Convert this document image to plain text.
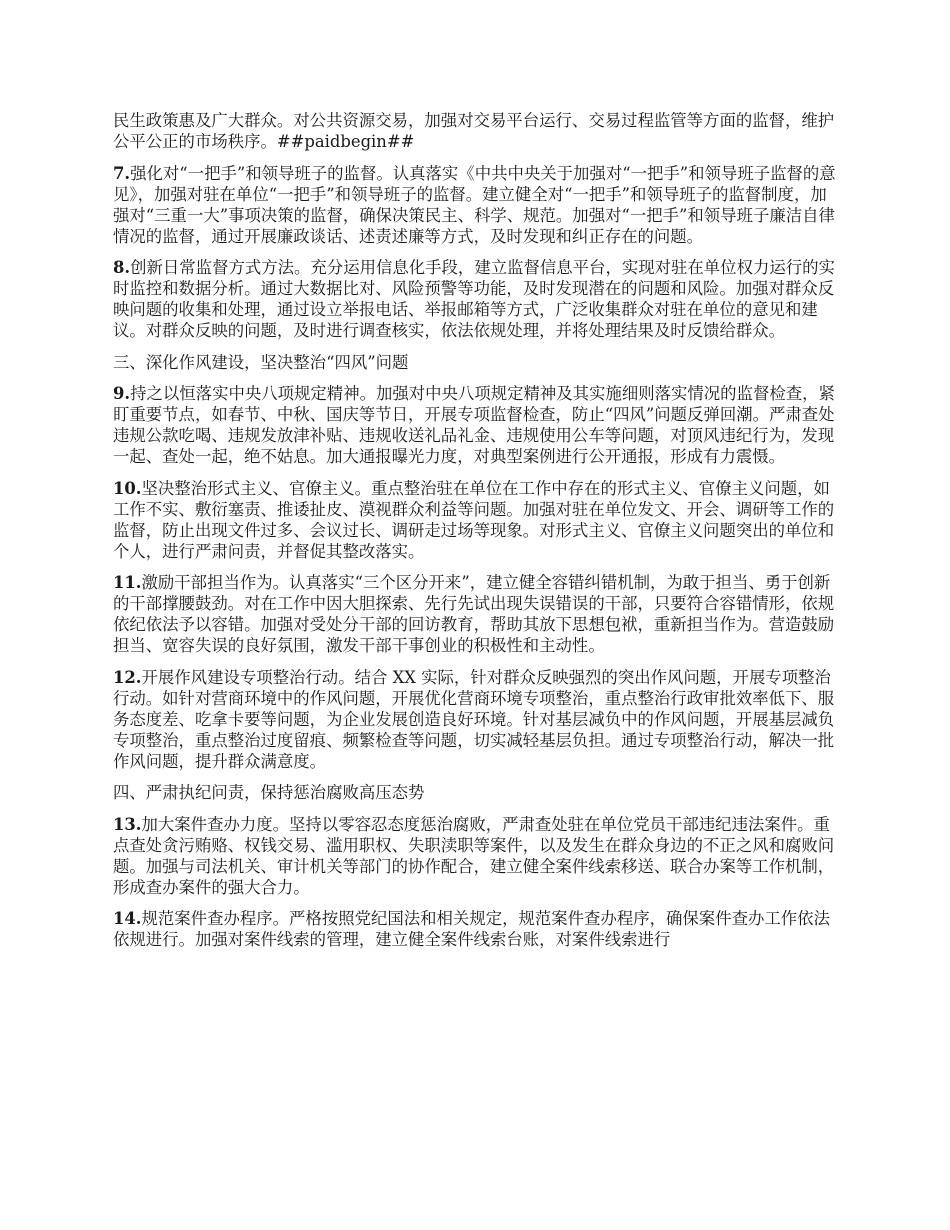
民生政策惠及广大群众。对公共资源交易，加强对交易平台运行、交易过程监管等方面的监督，维护公平公正的市场秩序。##paidbegin##

7.强化对“一把手”和领导班子的监督。认真落实《中共中央关于加强对“一把手”和领导班子监督的意见》，加强对驻在单位“一把手”和领导班子的监督。建立健全对“一把手”和领导班子的监督制度，加强对“三重一大”事项决策的监督，确保决策民主、科学、规范。加强对“一把手”和领导班子廉洁自律情况的监督，通过开展廉政谈话、述责述廉等方式，及时发现和纠正存在的问题。

8.创新日常监督方式方法。充分运用信息化手段，建立监督信息平台，实现对驻在单位权力运行的实时监控和数据分析。通过大数据比对、风险预警等功能，及时发现潜在的问题和风险。加强对群众反映问题的收集和处理，通过设立举报电话、举报邮箱等方式，广泛收集群众对驻在单位的意见和建议。对群众反映的问题，及时进行调查核实，依法依规处理，并将处理结果及时反馈给群众。

三、深化作风建设，坚决整治“四风”问题

9.持之以恒落实中央八项规定精神。加强对中央八项规定精神及其实施细则落实情况的监督检查，紧盯重要节点，如春节、中秋、国庆等节日，开展专项监督检查，防止“四风”问题反弹回潮。严肃查处违规公款吃喝、违规发放津补贴、违规收送礼品礼金、违规使用公车等问题，对顶风违纪行为，发现一起、查处一起，绝不姑息。加大通报曝光力度，对典型案例进行公开通报，形成有力震慑。

10.坚决整治形式主义、官僚主义。重点整治驻在单位在工作中存在的形式主义、官僚主义问题，如工作不实、敷衍塞责、推诿扯皮、漠视群众利益等问题。加强对驻在单位发文、开会、调研等工作的监督，防止出现文件过多、会议过长、调研走过场等现象。对形式主义、官僚主义问题突出的单位和个人，进行严肃问责，并督促其整改落实。

11.激励干部担当作为。认真落实“三个区分开来”，建立健全容错纠错机制，为敢于担当、勇于创新的干部撑腰鼓劲。对在工作中因大胆探索、先行先试出现失误错误的干部，只要符合容错情形，依规依纪依法予以容错。加强对受处分干部的回访教育，帮助其放下思想包袱，重新担当作为。营造鼓励担当、宽容失误的良好氛围，激发干部干事创业的积极性和主动性。

12.开展作风建设专项整治行动。结合 XX 实际，针对群众反映强烈的突出作风问题，开展专项整治行动。如针对营商环境中的作风问题，开展优化营商环境专项整治，重点整治行政审批效率低下、服务态度差、吃拿卡要等问题，为企业发展创造良好环境。针对基层减负中的作风问题，开展基层减负专项整治，重点整治过度留痕、频繁检查等问题，切实减轻基层负担。通过专项整治行动，解决一批作风问题，提升群众满意度。

四、严肃执纪问责，保持惩治腐败高压态势

13.加大案件查办力度。坚持以零容忍态度惩治腐败，严肃查处驻在单位党员干部违纪违法案件。重点查处贪污贿赂、权钱交易、滥用职权、失职渎职等案件，以及发生在群众身边的不正之风和腐败问题。加强与司法机关、审计机关等部门的协作配合，建立健全案件线索移送、联合办案等工作机制，形成查办案件的强大合力。

14.规范案件查办程序。严格按照党纪国法和相关规定，规范案件查办程序，确保案件查办工作依法依规进行。加强对案件线索的管理，建立健全案件线索台账，对案件线索进行
